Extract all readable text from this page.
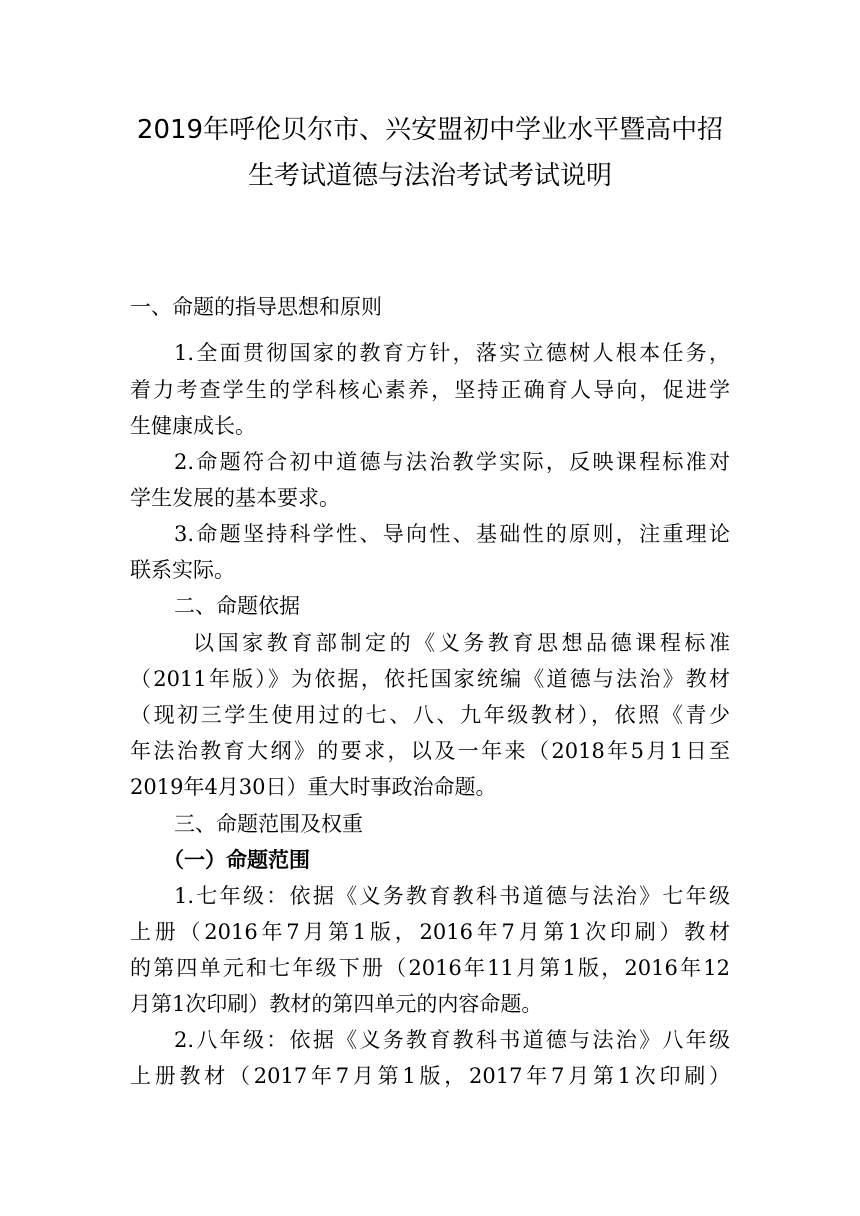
2019年呼伦贝尔市、兴安盟初中学业水平暨高中招
生考试道德与法治考试考试说明
一、命题的指导思想和原则
1.全面贯彻国家的教育方针，落实立德树人根本任务，
着力考查学生的学科核心素养，坚持正确育人导向，促进学
生健康成长。
2.命题符合初中道德与法治教学实际，反映课程标准对
学生发展的基本要求。
3.命题坚持科学性、导向性、基础性的原则，注重理论
联系实际。
二、命题依据
以国家教育部制定的《义务教育思想品德课程标准
（2011年版）》为依据，依托国家统编《道德与法治》教材
（现初三学生使用过的七、八、九年级教材），依照《青少
年法治教育大纲》的要求，以及一年来（2018年5月1日至
2019年4月30日）重大时事政治命题。
三、命题范围及权重
（一）命题范围
1.七年级：依据《义务教育教科书道德与法治》七年级
上册（2016年7月第1版，2016年7月第1次印刷）教材
的第四单元和七年级下册（2016年11月第1版，2016年12
月第1次印刷）教材的第四单元的内容命题。
2.八年级：依据《义务教育教科书道德与法治》八年级
上册教材（2017年7月第1版，2017年7月第1次印刷）
